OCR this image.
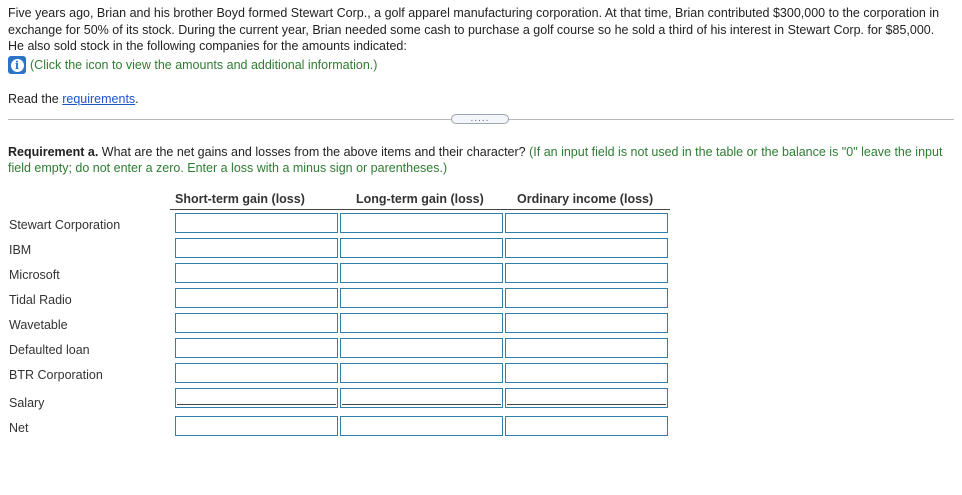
Five years ago, Brian and his brother Boyd formed Stewart Corp., a golf apparel manufacturing corporation. At that time, Brian contributed $300,000 to the corporation in exchange for 50% of its stock. During the current year, Brian needed some cash to purchase a golf course so he sold a third of his interest in Stewart Corp. for $85,000. He also sold stock in the following companies for the amounts indicated:
i (Click the icon to view the amounts and additional information.)
Read the requirements.
.....
Requirement a. What are the net gains and losses from the above items and their character? (If an input field is not used in the table or the balance is "0" leave the input field empty; do not enter a zero. Enter a loss with a minus sign or parentheses.)
Short-term gain (loss)	Long-term gain (loss)	Ordinary income (loss)
Stewart Corporation
IBM
Microsoft
Tidal Radio
Wavetable
Defaulted loan
BTR Corporation
Salary
Net
